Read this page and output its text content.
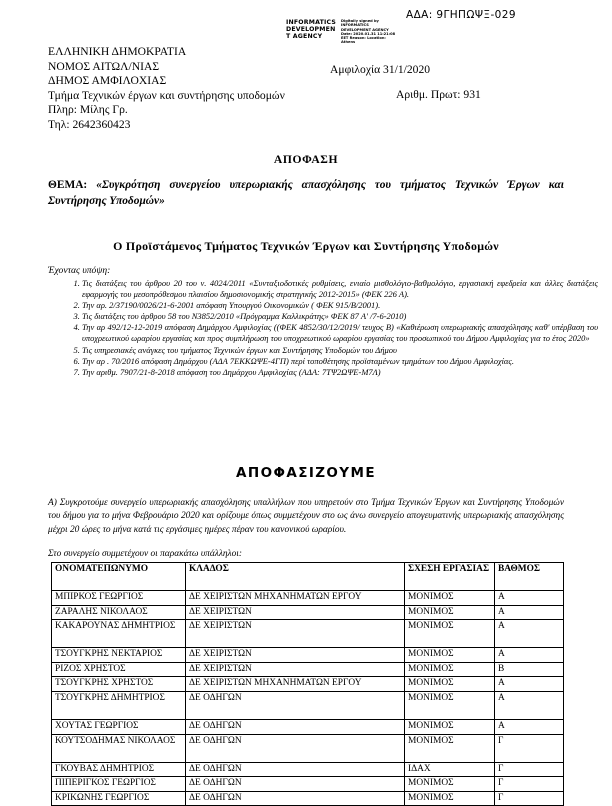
ΑΔΑ: 9ΓΗΠΩΨΞ-029
INFORMATICS DEVELOPMEN T AGENCY
Digitally signed by INFORMATICS DEVELOPMENT AGENCY Date: 2020.01.31 11:21:08 EET Reason: Location: Athens
ΕΛΛΗΝΙΚΗ ΔΗΜΟΚΡΑΤΙΑ
ΝΟΜΟΣ ΑΙΤΩΛ/ΝΙΑΣ
ΔΗΜΟΣ ΑΜΦΙΛΟΧΙΑΣ
Τμήμα Τεχνικών έργων και συντήρησης υποδομών
Πληρ: Μίλης Γρ.
Τηλ: 2642360423
Αμφιλοχία 31/1/2020
Αριθμ. Πρωτ: 931
ΑΠΟΦΑΣΗ
ΘΕΜΑ: «Συγκρότηση συνεργείου υπερωριακής απασχόλησης του τμήματος Τεχνικών Έργων και Συντήρησης Υποδομών»
Ο Προϊστάμενος Τμήματος Τεχνικών Έργων και Συντήρησης Υποδομών
Έχοντας υπόψη:
1. Τις διατάξεις του άρθρου 20 του ν. 4024/2011 «Συνταξιοδοτικές ρυθμίσεις, ενιαίο μισθολόγιο-βαθμολόγιο, εργασιακή εφεδρεία και άλλες διατάξεις εφαρμογής του μεσοπρόθεσμου πλαισίου δημοσιονομικής στρατηγικής 2012-2015» (ΦΕΚ 226 Α).
2. Την αρ. 2/37190/0026/21-6-2001 απόφαση Υπουργού Οικονομικών ( ΦΕΚ 915/Β/2001).
3. Τις διατάξεις του άρθρου 58 του Ν3852/2010 «Πρόγραμμα Καλλικράτης» ΦΕΚ 87 Α' /7-6-2010)
4. Την αρ 492/12-12-2019 απόφαση Δημάρχου Αμφιλοχίας ((ΦΕΚ 4852/30/12/2019/ τευχος Β) «Καθιέρωση υπερωριακής απασχόλησης καθ' υπέρβαση του υποχρεωτικού ωραρίου εργασίας και προς συμπλήρωση του υποχρεωτικού ωραρίου εργασίας του προσωπικού του Δήμου Αμφιλοχίας για το έτος 2020»
5. Τις υπηρεσιακές ανάγκες του τμήματος Τεχνικών έργων και Συντήρησης Υποδομών του Δήμου
6. Την αρ . 70/2016 απόφαση Δημάρχου (ΑΔΑ 7ΕΚΚΩΨΕ-4ΓΠ) περί τοποθέτησης προϊσταμένων τμημάτων του Δήμου Αμφιλοχίας.
7. Την αριθμ. 7907/21-8-2018 απόφαση του Δημάρχου Αμφιλοχίας (ΑΔΑ: 7ΤΨ2ΩΨΕ-Μ7Λ)
ΑΠΟΦΑΣΙΖΟΥΜΕ
Α) Συγκροτούμε συνεργείο υπερωριακής απασχόλησης υπαλλήλων που υπηρετούν στο Τμήμα Τεχνικών Έργων και Συντήρησης Υποδομών του δήμου για το μήνα Φεβρουάριο 2020 και ορίζουμε όπως συμμετέχουν στο ως άνω συνεργείο απογευματινής υπερωριακής απασχόλησης μέχρι 20 ώρες το μήνα κατά τις εργάσιμες ημέρες πέραν του κανονικού ωραρίου.
Στο συνεργείο συμμετέχουν οι παρακάτω υπάλληλοι:
ΟΝΟΜΑΤΕΠΩΝΥΜΟ	ΚΛΑΔΟΣ	ΣΧΕΣΗ ΕΡΓΑΣΙΑΣ	ΒΑΘΜΟΣ
ΜΠΙΡΚΟΣ ΓΕΩΡΓΙΟΣ	ΔΕ ΧΕΙΡΙΣΤΩΝ ΜΗΧΑΝΗΜΑΤΩΝ ΕΡΓΟΥ	ΜΟΝΙΜΟΣ	Α
ΖΑΡΑΛΗΣ ΝΙΚΟΛΑΟΣ	ΔΕ ΧΕΙΡΙΣΤΩΝ	ΜΟΝΙΜΟΣ	Α
ΚΑΚΑΡΟΥΝΑΣ ΔΗΜΗΤΡΙΟΣ	ΔΕ ΧΕΙΡΙΣΤΩΝ	ΜΟΝΙΜΟΣ	Α
ΤΣΟΥΓΚΡΗΣ ΝΕΚΤΑΡΙΟΣ	ΔΕ ΧΕΙΡΙΣΤΩΝ	ΜΟΝΙΜΟΣ	Α
ΡΙΖΟΣ ΧΡΗΣΤΟΣ	ΔΕ ΧΕΙΡΙΣΤΩΝ	ΜΟΝΙΜΟΣ	Β
ΤΣΟΥΓΚΡΗΣ ΧΡΗΣΤΟΣ	ΔΕ ΧΕΙΡΙΣΤΩΝ ΜΗΧΑΝΗΜΑΤΩΝ ΕΡΓΟΥ	ΜΟΝΙΜΟΣ	Α
ΤΣΟΥΓΚΡΗΣ ΔΗΜΗΤΡΙΟΣ	ΔΕ ΟΔΗΓΩΝ	ΜΟΝΙΜΟΣ	Α
ΧΟΥΤΑΣ ΓΕΩΡΓΙΟΣ	ΔΕ ΟΔΗΓΩΝ	ΜΟΝΙΜΟΣ	Α
ΚΟΥΤΣΟΔΗΜΑΣ ΝΙΚΟΛΑΟΣ	ΔΕ ΟΔΗΓΩΝ	ΜΟΝΙΜΟΣ	Γ
ΓΚΟΥΒΑΣ ΔΗΜΗΤΡΙΟΣ	ΔΕ ΟΔΗΓΩΝ	ΙΔΑΧ	Γ
ΠΙΠΕΡΙΓΚΟΣ ΓΕΩΡΓΙΟΣ	ΔΕ ΟΔΗΓΩΝ	ΜΟΝΙΜΟΣ	Γ
ΚΡΙΚΩΝΗΣ ΓΕΩΡΓΙΟΣ	ΔΕ ΟΔΗΓΩΝ	ΜΟΝΙΜΟΣ	Γ
